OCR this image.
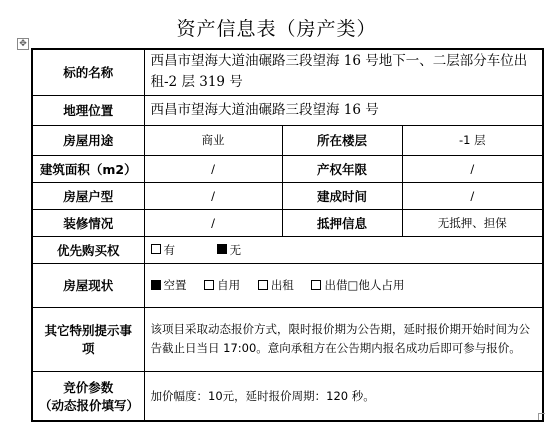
资产信息表（房产类）
✥
标的名称	西昌市望海大道油碾路三段望海 16 号地下一、二层部分车位出租-2 层 319 号		
地理位置	西昌市望海大道油碾路三段望海 16 号		
房屋用途	商业	所在楼层	-1 层
建筑面积（m2）	/	产权年限	/
房屋户型	/	建成时间	/
装修情况	/	抵押信息	无抵押、担保
优先购买权	有 无		
房屋现状	空置 自用 出租 出借□他人占用		
其它特别提示事项	该项目采取动态报价方式，限时报价期为公告期，延时报价期开始时间为公告截止日当日 17:00。意向承租方在公告期内报名成功后即可参与报价。		

竞价参数
（动态报价填写）	加价幅度：10元，延时报价周期：120 秒。		
